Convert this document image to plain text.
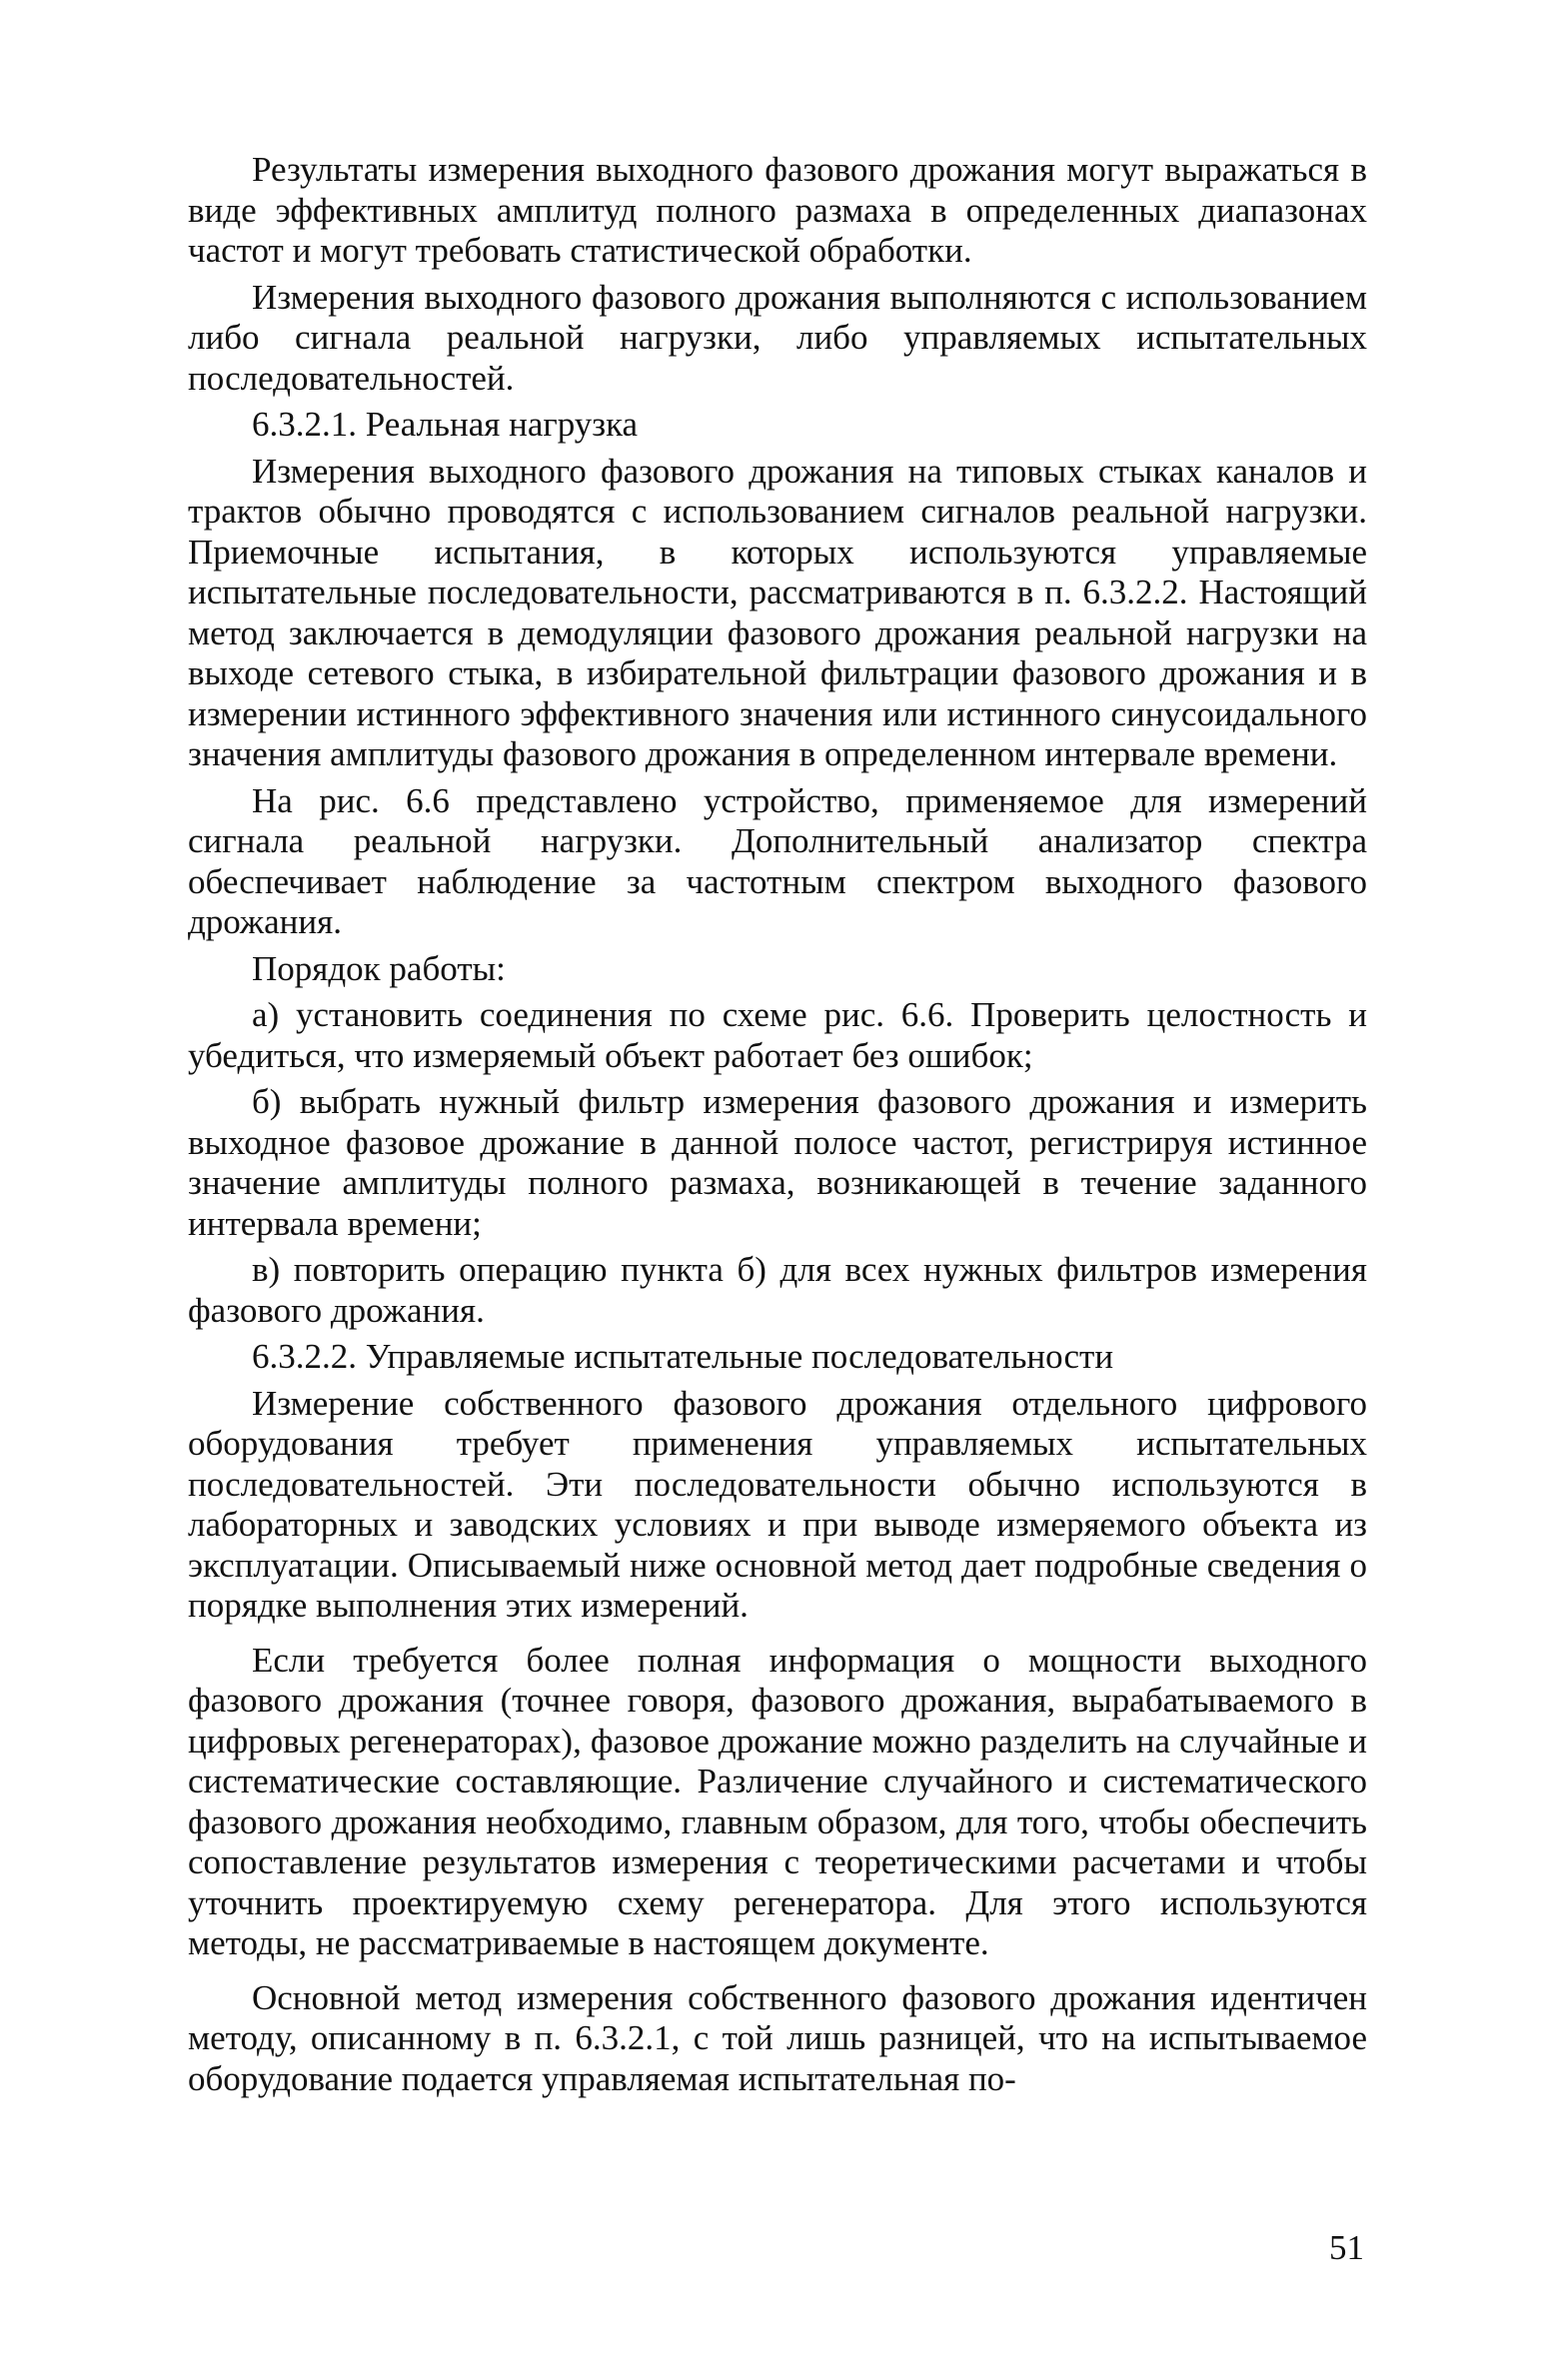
Результаты измерения выходного фазового дрожания могут выражаться в виде эффективных амплитуд полного размаха в определенных диапазонах частот и могут требовать статистической обработки.

Измерения выходного фазового дрожания выполняются с использованием либо сигнала реальной нагрузки, либо управляемых испытательных последовательностей.

6.3.2.1. Реальная нагрузка

Измерения выходного фазового дрожания на типовых стыках каналов и трактов обычно проводятся с использованием сигналов реальной нагрузки. Приемочные испытания, в которых используются управляемые испытательные последовательности, рассматриваются в п. 6.3.2.2. Настоящий метод заключается в демодуляции фазового дрожания реальной нагрузки на выходе сетевого стыка, в избирательной фильтрации фазового дрожания и в измерении истинного эффективного значения или истинного синусоидального значения амплитуды фазового дрожания в определенном интервале времени.

На рис. 6.6 представлено устройство, применяемое для измерений сигнала реальной нагрузки. Дополнительный анализатор спектра обеспечивает наблюдение за частотным спектром выходного фазового дрожания.

Порядок работы:

а) установить соединения по схеме рис. 6.6. Проверить целостность и убедиться, что измеряемый объект работает без ошибок;

б) выбрать нужный фильтр измерения фазового дрожания и измерить выходное фазовое дрожание в данной полосе частот, регистрируя истинное значение амплитуды полного размаха, возникающей в течение заданного интервала времени;

в) повторить операцию пункта б) для всех нужных фильтров измерения фазового дрожания.

6.3.2.2. Управляемые испытательные последовательности

Измерение собственного фазового дрожания отдельного цифрового оборудования требует применения управляемых испытательных последовательностей. Эти последовательности обычно используются в лабораторных и заводских условиях и при выводе измеряемого объекта из эксплуатации. Описываемый ниже основной метод дает подробные сведения о порядке выполнения этих измерений.

Если требуется более полная информация о мощности выходного фазового дрожания (точнее говоря, фазового дрожания, вырабатываемого в цифровых регенераторах), фазовое дрожание можно разделить на случайные и систематические составляющие. Различение случайного и систематического фазового дрожания необходимо, главным образом, для того, чтобы обеспечить сопоставление результатов измерения с теоретическими расчетами и чтобы уточнить проектируемую схему регенератора. Для этого используются методы, не рассматриваемые в настоящем документе.

Основной метод измерения собственного фазового дрожания идентичен методу, описанному в п. 6.3.2.1, с той лишь разницей, что на испытываемое оборудование подается управляемая испытательная по-

51
